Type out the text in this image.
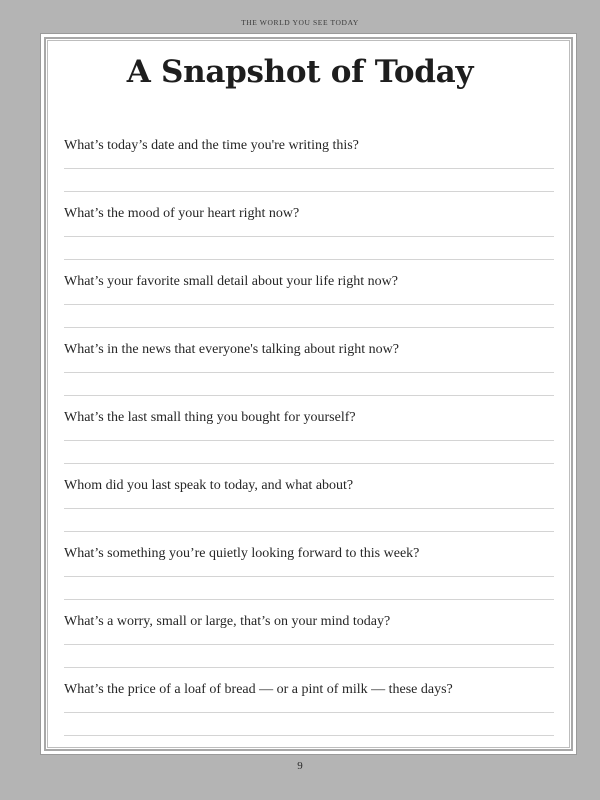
THE WORLD YOU SEE TODAY
A Snapshot of Today
What’s today’s date and the time you're writing this?
What’s the mood of your heart right now?
What’s your favorite small detail about your life right now?
What’s in the news that everyone's talking about right now?
What’s the last small thing you bought for yourself?
Whom did you last speak to today, and what about?
What’s something you’re quietly looking forward to this week?
What’s a worry, small or large, that’s on your mind today?
What’s the price of a loaf of bread — or a pint of milk — these days?
9
